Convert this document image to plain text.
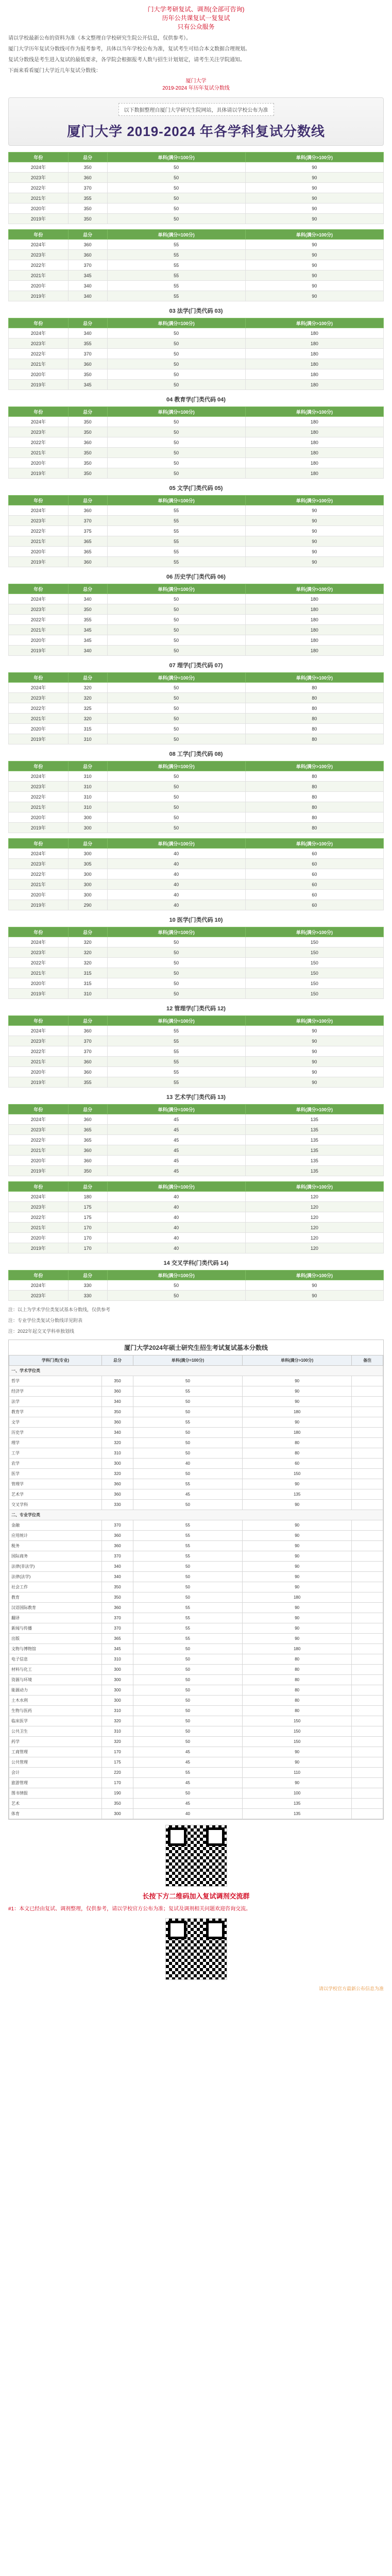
门大学考研复试、调剂(全部可咨询)
历年公共课复试一复复试
只有公众服务

请以学校最新公布的资料为准（本文整理自学校研究生院公开信息，仅供参考）。

厦门大学历年复试分数线可作为报考参考，具体以当年学校公布为准，复试考生可结合本文数据合理规划。

复试分数线是考生进入复试的最低要求，各学院会根据报考人数与招生计划划定，请考生关注学院通知。

下面来看看厦门大学近几年复试分数线：

厦门大学
2019-2024 年历年复试分数线
以下数据整理自厦门大学研究生院网站，具体请以学校公布为准
厦门大学 2019-2024 年各学科复试分数线
年份	总分	单科(满分=100分)	单科(满分>100分)
2024年	350	50	90
2023年	360	50	90
2022年	370	50	90
2021年	355	50	90
2020年	350	50	90
2019年	350	50	90
年份	总分	单科(满分=100分)	单科(满分>100分)
2024年	360	55	90
2023年	360	55	90
2022年	370	55	90
2021年	345	55	90
2020年	340	55	90
2019年	340	55	90
03 法学(门类代码 03)
年份	总分	单科(满分=100分)	单科(满分>100分)
2024年	340	50	180
2023年	355	50	180
2022年	370	50	180
2021年	360	50	180
2020年	350	50	180
2019年	345	50	180
04 教育学(门类代码 04)
年份	总分	单科(满分=100分)	单科(满分>100分)
2024年	350	50	180
2023年	350	50	180
2022年	360	50	180
2021年	350	50	180
2020年	350	50	180
2019年	350	50	180
05 文学(门类代码 05)
年份	总分	单科(满分=100分)	单科(满分>100分)
2024年	360	55	90
2023年	370	55	90
2022年	375	55	90
2021年	365	55	90
2020年	365	55	90
2019年	360	55	90
06 历史学(门类代码 06)
年份	总分	单科(满分=100分)	单科(满分>100分)
2024年	340	50	180
2023年	350	50	180
2022年	355	50	180
2021年	345	50	180
2020年	345	50	180
2019年	340	50	180
07 理学(门类代码 07)
年份	总分	单科(满分=100分)	单科(满分>100分)
2024年	320	50	80
2023年	320	50	80
2022年	325	50	80
2021年	320	50	80
2020年	315	50	80
2019年	310	50	80
08 工学(门类代码 08)
年份	总分	单科(满分=100分)	单科(满分>100分)
2024年	310	50	80
2023年	310	50	80
2022年	310	50	80
2021年	310	50	80
2020年	300	50	80
2019年	300	50	80
年份	总分	单科(满分=100分)	单科(满分>100分)
2024年	300	40	60
2023年	305	40	60
2022年	300	40	60
2021年	300	40	60
2020年	300	40	60
2019年	290	40	60
10 医学(门类代码 10)
年份	总分	单科(满分=100分)	单科(满分>100分)
2024年	320	50	150
2023年	320	50	150
2022年	320	50	150
2021年	315	50	150
2020年	315	50	150
2019年	310	50	150
12 管理学(门类代码 12)
年份	总分	单科(满分=100分)	单科(满分>100分)
2024年	360	55	90
2023年	370	55	90
2022年	370	55	90
2021年	360	55	90
2020年	360	55	90
2019年	355	55	90
13 艺术学(门类代码 13)
年份	总分	单科(满分=100分)	单科(满分>100分)
2024年	360	45	135
2023年	365	45	135
2022年	365	45	135
2021年	360	45	135
2020年	360	45	135
2019年	350	45	135
年份	总分	单科(满分=100分)	单科(满分>100分)
2024年	180	40	120
2023年	175	40	120
2022年	175	40	120
2021年	170	40	120
2020年	170	40	120
2019年	170	40	120
14 交叉学科(门类代码 14)
年份	总分	单科(满分=100分)	单科(满分>100分)
2024年	330	50	90
2023年	330	50	90
注：以上为学术学位类复试基本分数线，仅供参考
注：专业学位类复试分数线详见附表
注：2022年起交叉学科单独划线
厦门大学2024年硕士研究生招生考试复试基本分数线
学科门类(专业)	总分	单科(满分=100分)	单科(满分>100分)	备注
一、学术学位类				
哲学	350	50	90	
经济学	360	55	90	
法学	340	50	90	
教育学	350	50	180	
文学	360	55	90	
历史学	340	50	180	
理学	320	50	80	
工学	310	50	80	
农学	300	40	60	
医学	320	50	150	
管理学	360	55	90	
艺术学	360	45	135	
交叉学科	330	50	90	
二、专业学位类				
金融	370	55	90	
应用统计	360	55	90	
税务	360	55	90	
国际商务	370	55	90	
法律(非法学)	340	50	90	
法律(法学)	340	50	90	
社会工作	350	50	90	
教育	350	50	180	
汉语国际教育	360	55	90	
翻译	370	55	90	
新闻与传播	370	55	90	
出版	365	55	90	
文物与博物馆	345	50	180	
电子信息	310	50	80	
材料与化工	300	50	80	
资源与环境	300	50	80	
能源动力	300	50	80	
土木水利	300	50	80	
生物与医药	310	50	80	
临床医学	320	50	150	
公共卫生	310	50	150	
药学	320	50	150	
工商管理	170	45	90	
公共管理	175	45	90	
会计	220	55	110	
旅游管理	170	45	90	
图书情报	190	50	100	
艺术	350	45	135	
体育	300	40	135	
长按下方二维码加入复试调剂交流群

#1：本文已经由复试、调剂整理，仅供参考，请以学校官方公布为准；复试及调剂相关问题欢迎咨询交流。

请以学校官方最新公布信息为准
